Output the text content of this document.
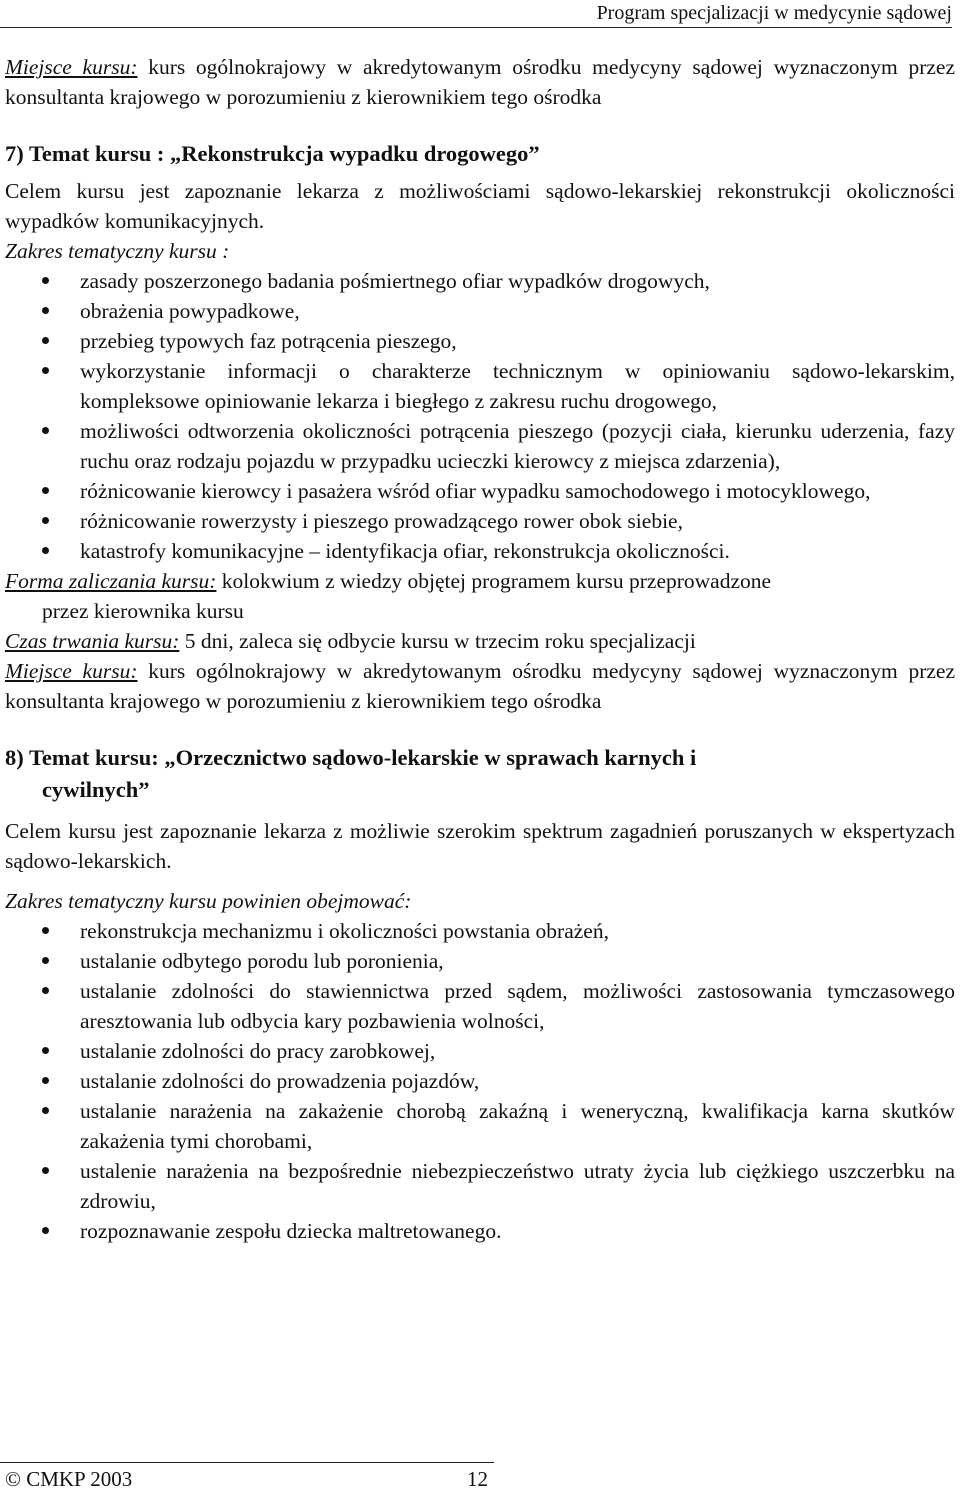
Program specjalizacji w medycynie sądowej

Miejsce kursu: kurs ogólnokrajowy w akredytowanym ośrodku medycyny sądowej wyznaczonym przez konsultanta krajowego w porozumieniu z kierownikiem tego ośrodka

7) Temat kursu : „Rekonstrukcja wypadku drogowego”

Celem kursu jest zapoznanie lekarza z możliwościami sądowo-lekarskiej rekonstrukcji okoliczności wypadków komunikacyjnych.

Zakres tematyczny kursu :

zasady poszerzonego badania pośmiertnego ofiar wypadków drogowych,
obrażenia powypadkowe,
przebieg typowych faz potrącenia pieszego,
wykorzystanie informacji o charakterze technicznym w opiniowaniu sądowo-lekarskim, kompleksowe opiniowanie lekarza i biegłego z zakresu ruchu drogowego,
możliwości odtworzenia okoliczności potrącenia pieszego (pozycji ciała, kierunku uderzenia, fazy ruchu oraz rodzaju pojazdu w przypadku ucieczki kierowcy z miejsca zdarzenia),
różnicowanie kierowcy i pasażera wśród ofiar wypadku samochodowego i motocyklowego,
różnicowanie rowerzysty i pieszego prowadzącego rower obok siebie,
katastrofy komunikacyjne – identyfikacja ofiar, rekonstrukcja okoliczności.

Forma zaliczania kursu: kolokwium z wiedzy objętej programem kursu przeprowadzone

przez kierownika kursu

Czas trwania kursu: 5 dni, zaleca się odbycie kursu w trzecim roku specjalizacji

Miejsce kursu: kurs ogólnokrajowy w akredytowanym ośrodku medycyny sądowej wyznaczonym przez konsultanta krajowego w porozumieniu z kierownikiem tego ośrodka

8) Temat kursu: „Orzecznictwo sądowo-lekarskie w sprawach karnych i
cywilnych”

Celem kursu jest zapoznanie lekarza z możliwie szerokim spektrum zagadnień poruszanych w ekspertyzach sądowo-lekarskich.

Zakres tematyczny kursu powinien obejmować:

rekonstrukcja mechanizmu i okoliczności powstania obrażeń,
ustalanie odbytego porodu lub poronienia,
ustalanie zdolności do stawiennictwa przed sądem, możliwości zastosowania tymczasowego aresztowania lub odbycia kary pozbawienia wolności,
ustalanie zdolności do pracy zarobkowej,
ustalanie zdolności do prowadzenia pojazdów,
ustalanie narażenia na zakażenie chorobą zakaźną i weneryczną, kwalifikacja karna skutków zakażenia tymi chorobami,
ustalenie narażenia na bezpośrednie niebezpieczeństwo utraty życia lub ciężkiego uszczerbku na zdrowiu,
rozpoznawanie zespołu dziecka maltretowanego.
© CMKP 2003	12
